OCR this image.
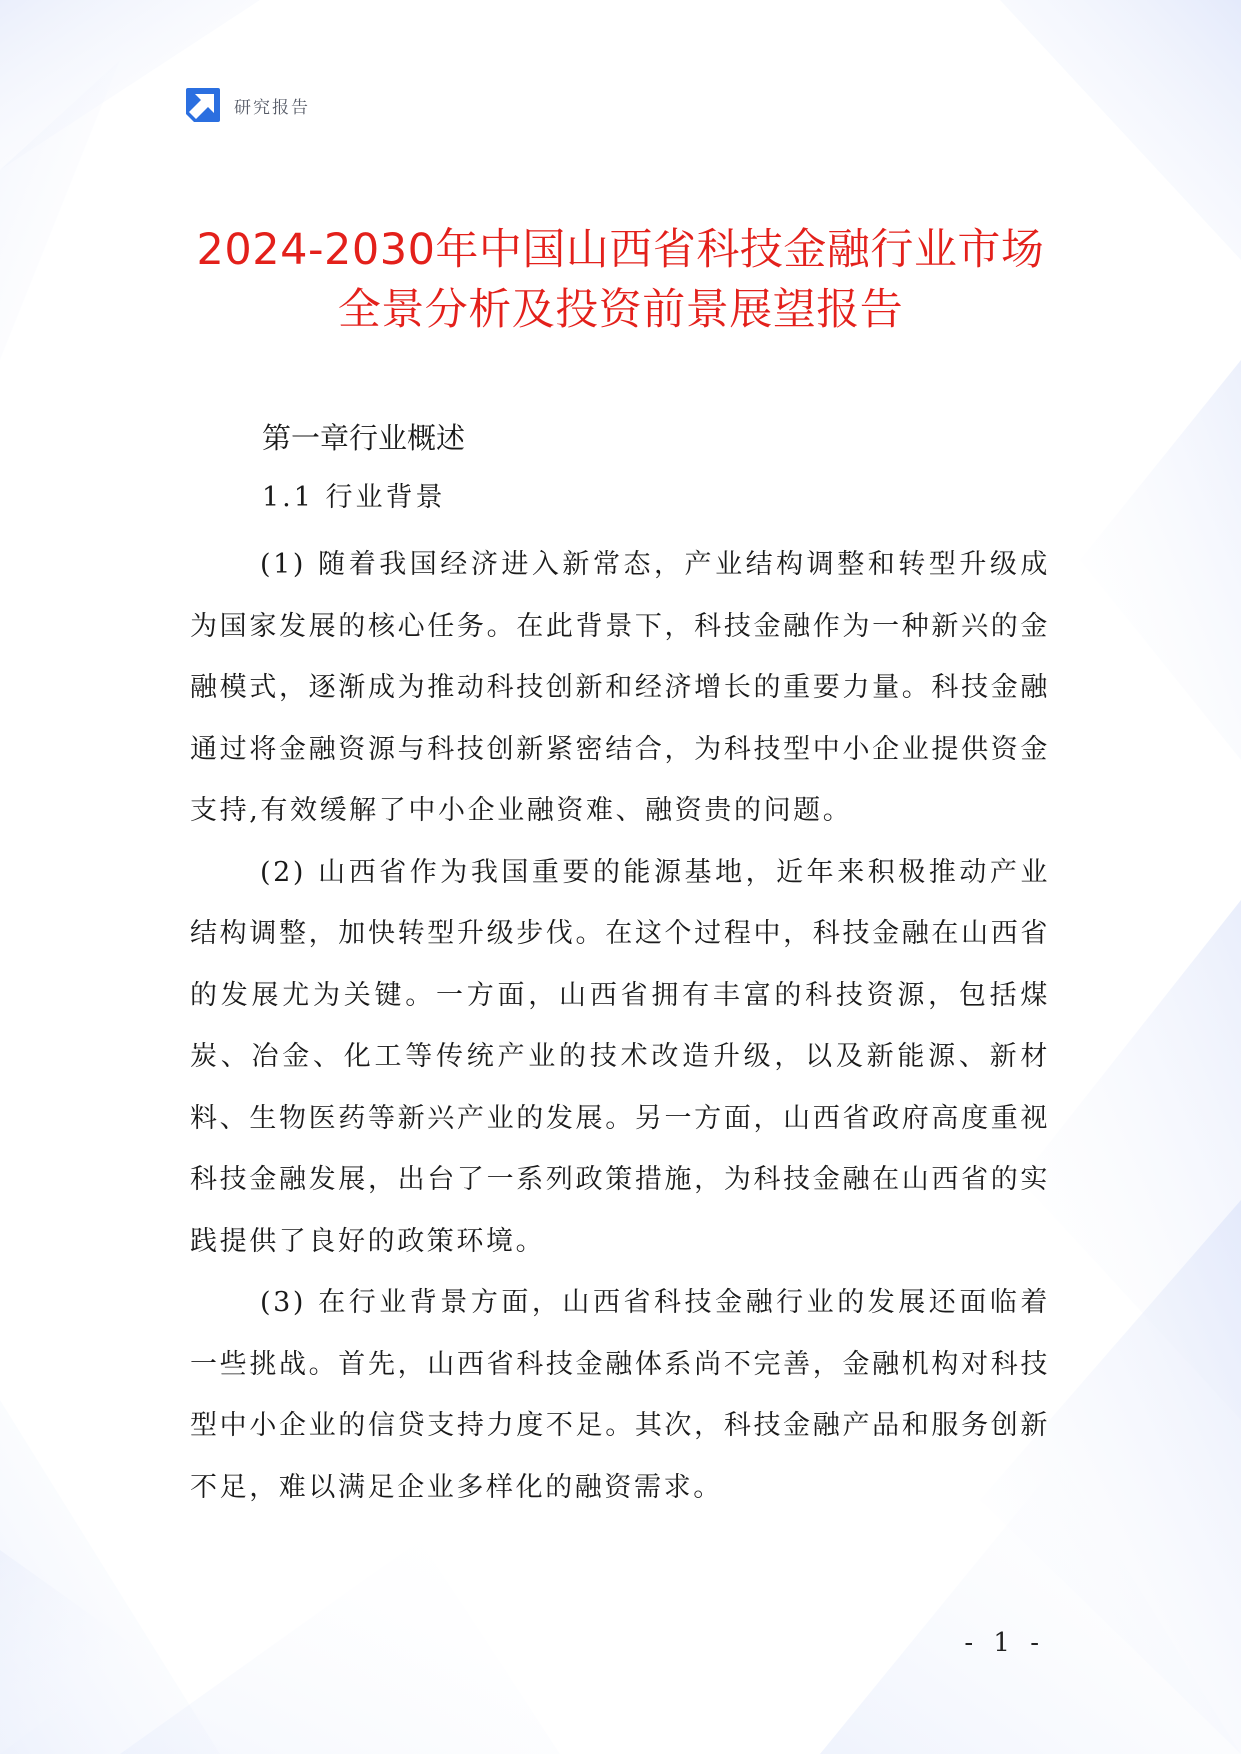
研究报告
2024-2030年中国山西省科技金融行业市场
全景分析及投资前景展望报告
第一章行业概述
1.1 行业背景

(1) 随着我国经济进入新常态，产业结构调整和转型升级成为国家发展的核心任务。在此背景下，科技金融作为一种新兴的金融模式，逐渐成为推动科技创新和经济增长的重要力量。科技金融通过将金融资源与科技创新紧密结合，为科技型中小企业提供资金支持,有效缓解了中小企业融资难、融资贵的问题。

(2) 山西省作为我国重要的能源基地，近年来积极推动产业结构调整，加快转型升级步伐。在这个过程中，科技金融在山西省的发展尤为关键。一方面，山西省拥有丰富的科技资源，包括煤炭、冶金、化工等传统产业的技术改造升级，以及新能源、新材料、生物医药等新兴产业的发展。另一方面，山西省政府高度重视科技金融发展，出台了一系列政策措施，为科技金融在山西省的实践提供了良好的政策环境。

(3) 在行业背景方面，山西省科技金融行业的发展还面临着一些挑战。首先，山西省科技金融体系尚不完善，金融机构对科技型中小企业的信贷支持力度不足。其次，科技金融产品和服务创新不足，难以满足企业多样化的融资需求。

- 1 -
